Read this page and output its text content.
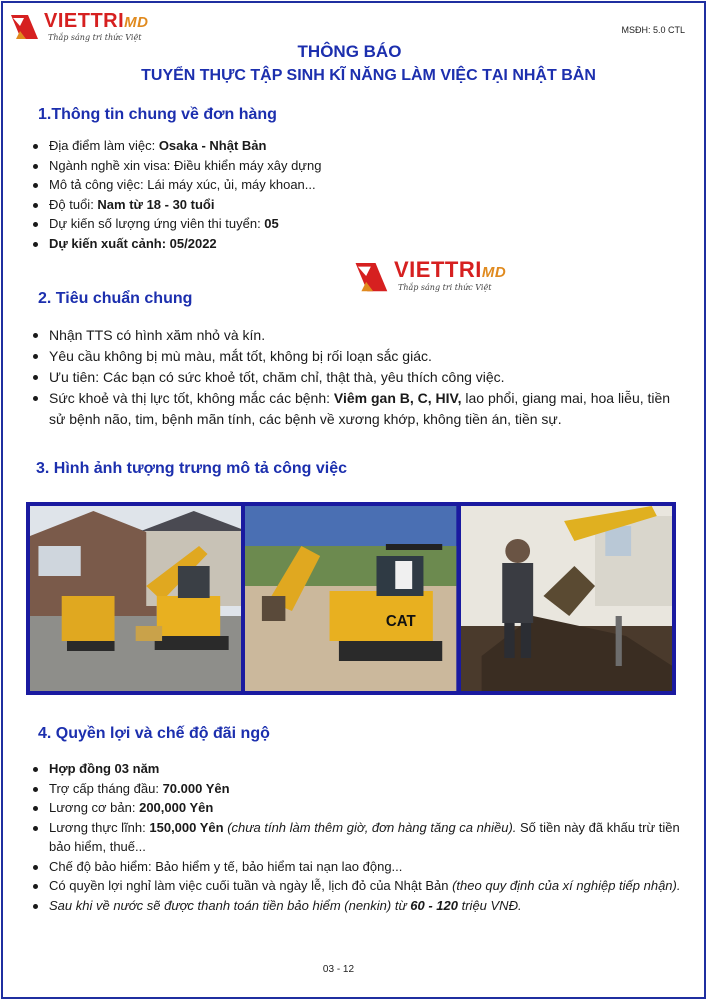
VIETTRIMD
Thắp sáng tri thức Việt
MSĐH: 5.0 CTL
THÔNG BÁO
TUYỂN THỰC TẬP SINH KĨ NĂNG LÀM VIỆC TẠI NHẬT BẢN
1.Thông tin chung về đơn hàng
Địa điểm làm việc: Osaka - Nhật Bản
Ngành nghề xin visa: Điều khiển máy xây dựng
Mô tả công việc: Lái máy xúc, ủi, máy khoan...
Độ tuổi: Nam từ 18 - 30 tuổi
Dự kiến số lượng ứng viên thi tuyển: 05
Dự kiến xuất cảnh: 05/2022
VIETTRIMD
Thắp sáng tri thức Việt
2. Tiêu chuẩn chung
Nhận TTS có hình xăm nhỏ và kín.
Yêu cầu không bị mù màu, mắt tốt, không bị rối loạn sắc giác.
Ưu tiên: Các bạn có sức khoẻ tốt, chăm chỉ, thật thà, yêu thích công việc.
Sức khoẻ và thị lực tốt, không mắc các bệnh: Viêm gan B, C, HIV, lao phổi, giang mai, hoa liễu, tiền sử bệnh não, tim, bệnh mãn tính, các bệnh về xương khớp, không tiền án, tiền sự.
3. Hình ảnh tượng trưng mô tả công việc
CAT
4. Quyền lợi và chế độ đãi ngộ
Hợp đồng 03 năm
Trợ cấp tháng đầu: 70.000 Yên
Lương cơ bản: 200,000 Yên
Lương thực lĩnh: 150,000 Yên (chưa tính làm thêm giờ, đơn hàng tăng ca nhiều). Số tiền này đã khấu trừ tiền bảo hiểm, thuế...
Chế độ bảo hiểm: Bảo hiểm y tế, bảo hiểm tai nạn lao động...
Có quyền lợi nghỉ làm việc cuối tuần và ngày lễ, lịch đỏ của Nhật Bản (theo quy định của xí nghiệp tiếp nhận).
Sau khi về nước sẽ được thanh toán tiền bảo hiểm (nenkin) từ 60 - 120 triệu VNĐ.
03 - 12
